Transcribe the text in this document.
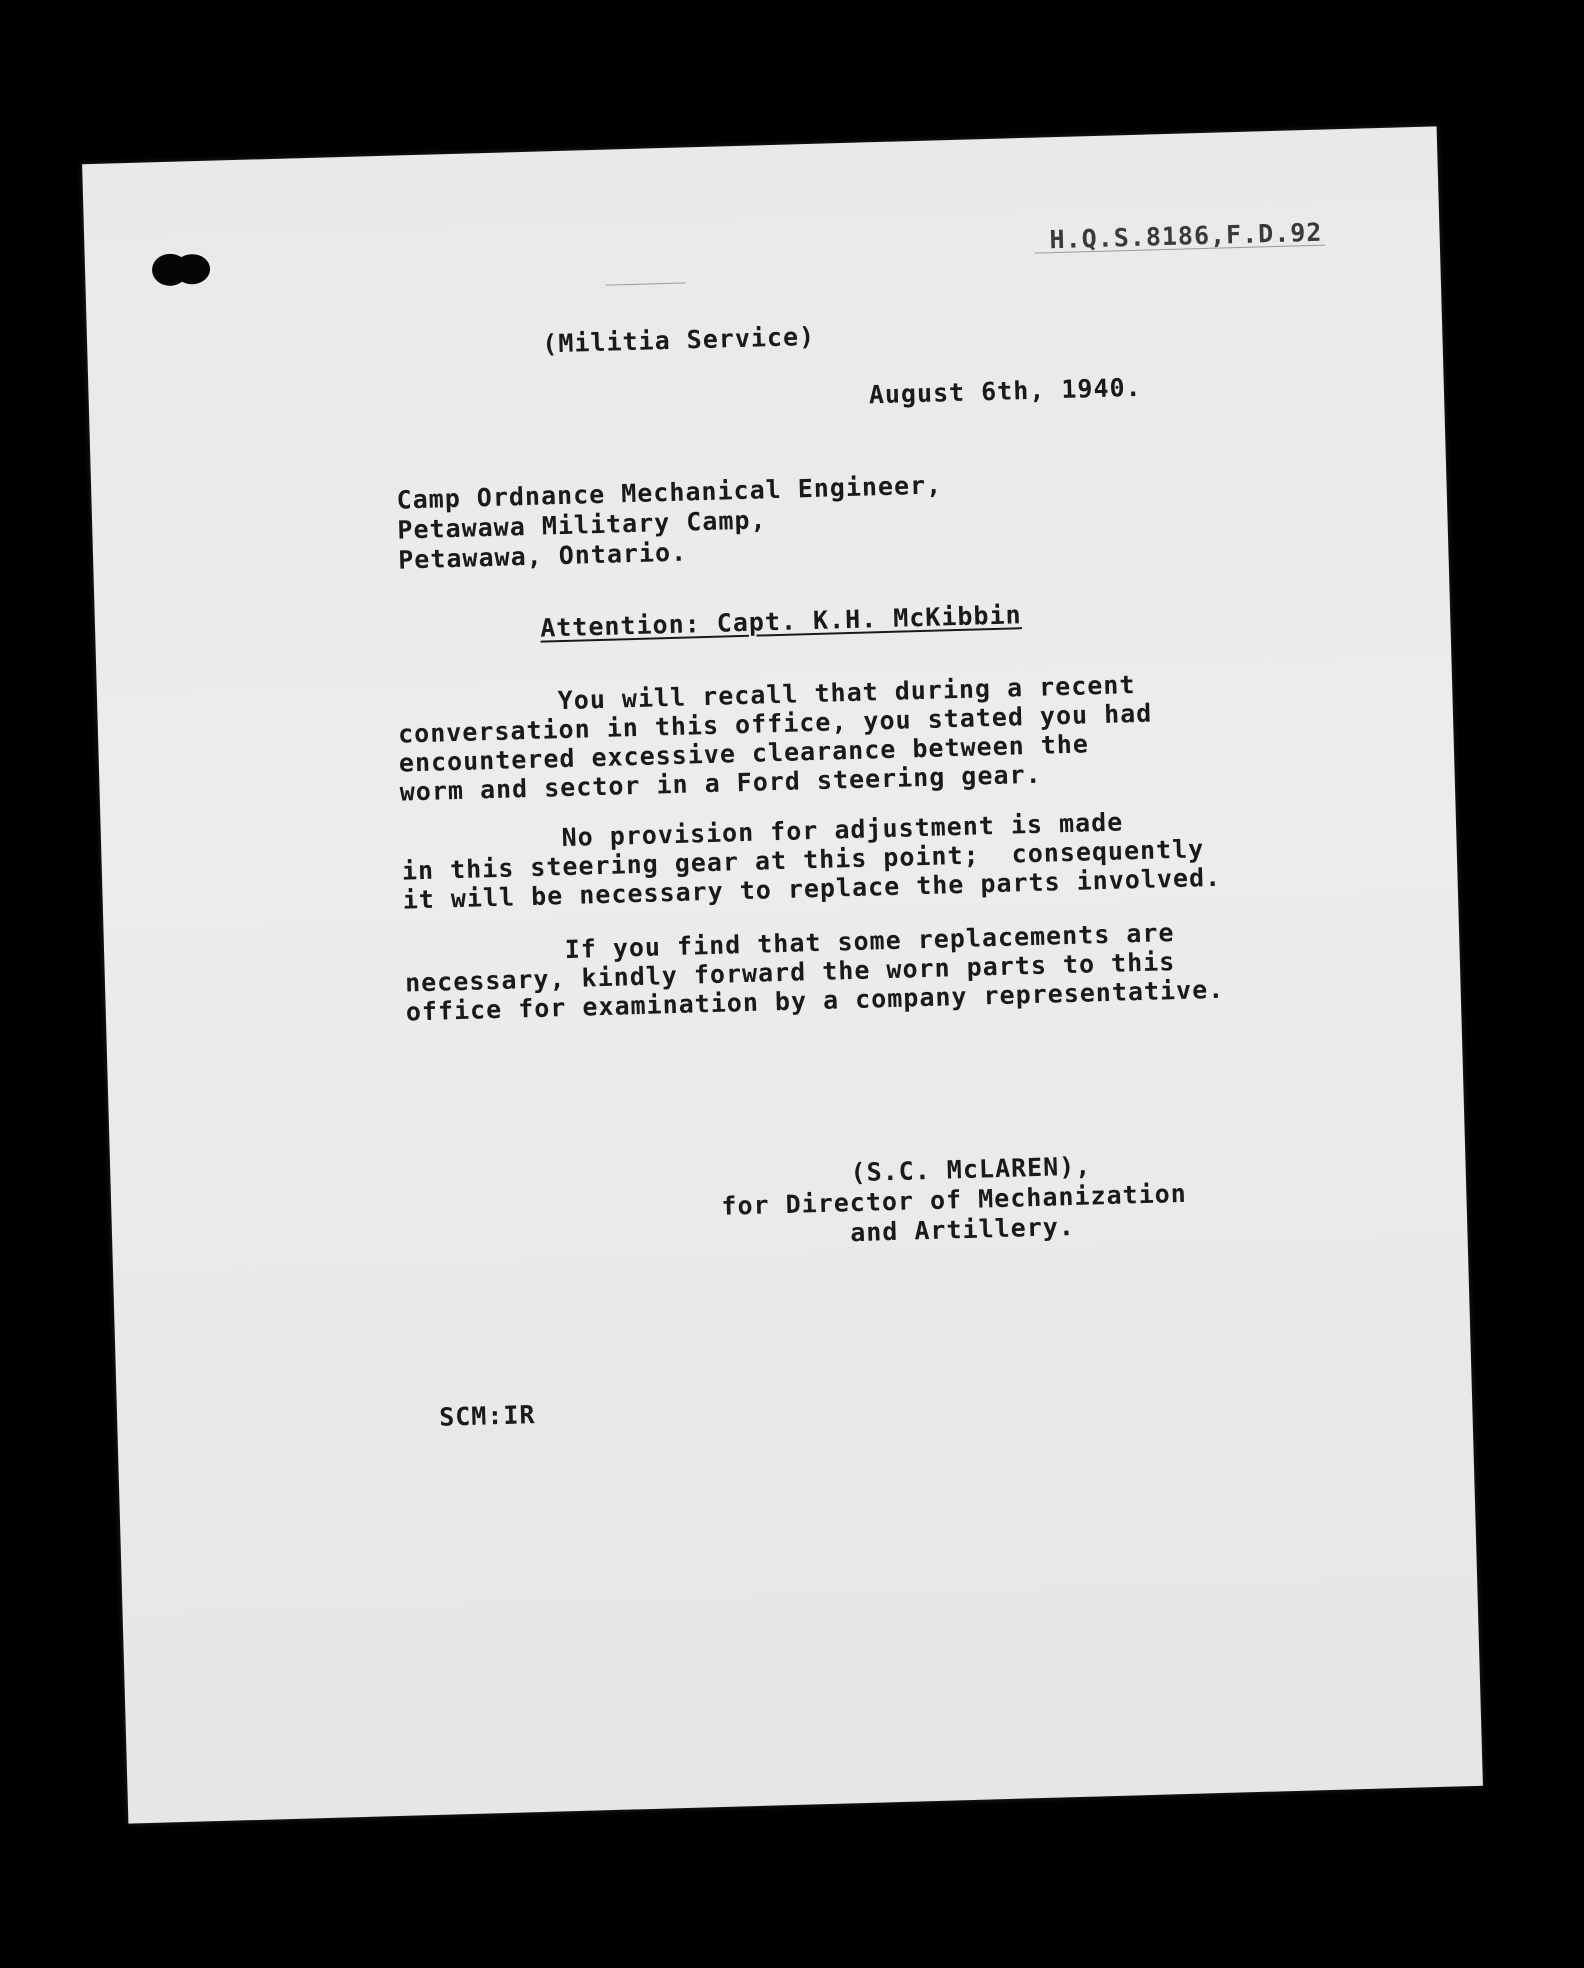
H.Q.S.8186,F.D.92
(Militia Service)
August 6th, 1940.
Camp Ordnance Mechanical Engineer,
Petawawa Military Camp,
Petawawa, Ontario.
Attention: Capt. K.H. McKibbin
You will recall that during a recent
conversation in this office, you stated you had
encountered excessive clearance between the
worm and sector in a Ford steering gear.
No provision for adjustment is made
in this steering gear at this point;  consequently
it will be necessary to replace the parts involved.
If you find that some replacements are
necessary, kindly forward the worn parts to this
office for examination by a company representative.
(S.C. McLAREN),
for Director of Mechanization
and Artillery.
SCM:IR
